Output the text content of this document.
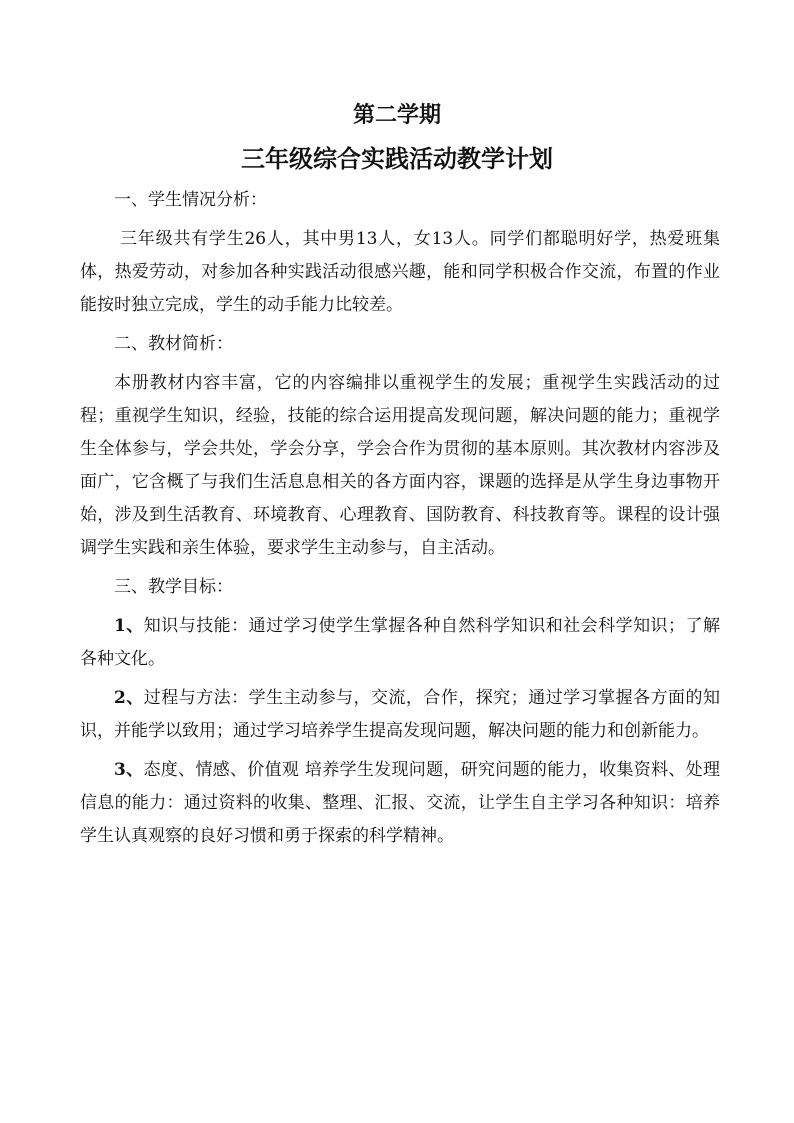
第二学期
三年级综合实践活动教学计划

一、学生情况分析：

三年级共有学生26人，其中男13人，女13人。同学们都聪明好学，热爱班集体，热爱劳动，对参加各种实践活动很感兴趣，能和同学积极合作交流，布置的作业能按时独立完成，学生的动手能力比较差。

二、教材简析：

本册教材内容丰富，它的内容编排以重视学生的发展；重视学生实践活动的过程；重视学生知识，经验，技能的综合运用提高发现问题，解决问题的能力；重视学生全体参与，学会共处，学会分享，学会合作为贯彻的基本原则。其次教材内容涉及面广，它含概了与我们生活息息相关的各方面内容，课题的选择是从学生身边事物开始，涉及到生活教育、环境教育、心理教育、国防教育、科技教育等。课程的设计强调学生实践和亲生体验，要求学生主动参与，自主活动。

三、教学目标：

1、知识与技能：通过学习使学生掌握各种自然科学知识和社会科学知识；了解各种文化。

2、过程与方法：学生主动参与，交流，合作，探究；通过学习掌握各方面的知识，并能学以致用；通过学习培养学生提高发现问题，解决问题的能力和创新能力。

3、态度、情感、价值观 培养学生发现问题，研究问题的能力，收集资料、处理信息的能力：通过资料的收集、整理、汇报、交流，让学生自主学习各种知识：培养学生认真观察的良好习惯和勇于探索的科学精神。
